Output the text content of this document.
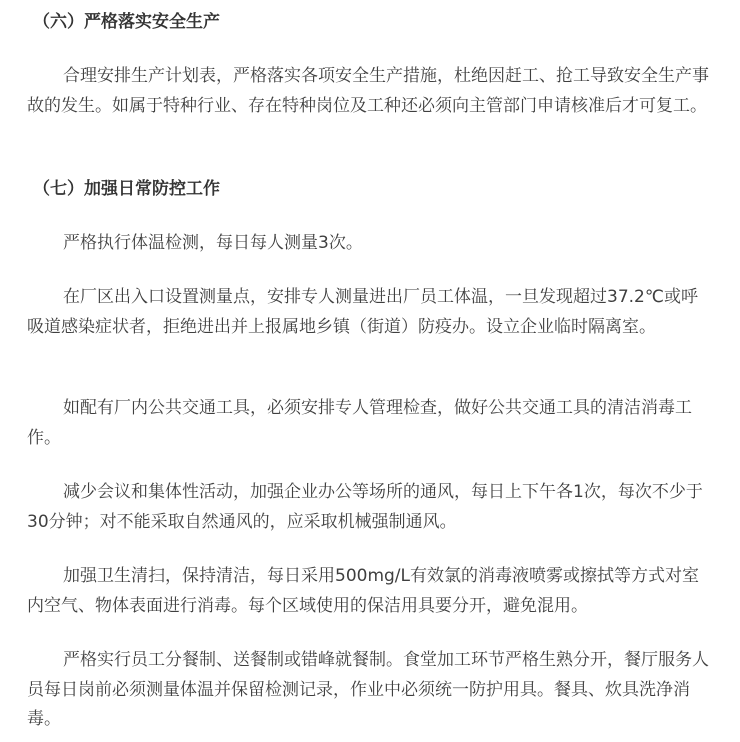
（六）严格落实安全生产

合理安排生产计划表，严格落实各项安全生产措施，杜绝因赶工、抢工导致安全生产事故的发生。如属于特种行业、存在特种岗位及工种还必须向主管部门申请核准后才可复工。

（七）加强日常防控工作

严格执行体温检测，每日每人测量3次。

在厂区出入口设置测量点，安排专人测量进出厂员工体温，一旦发现超过37.2℃或呼吸道感染症状者，拒绝进出并上报属地乡镇（街道）防疫办。设立企业临时隔离室。

如配有厂内公共交通工具，必须安排专人管理检查，做好公共交通工具的清洁消毒工作。

减少会议和集体性活动，加强企业办公等场所的通风，每日上下午各1次，每次不少于30分钟；对不能采取自然通风的，应采取机械强制通风。

加强卫生清扫，保持清洁，每日采用500mg/L有效氯的消毒液喷雾或擦拭等方式对室内空气、物体表面进行消毒。每个区域使用的保洁用具要分开，避免混用。

严格实行员工分餐制、送餐制或错峰就餐制。食堂加工环节严格生熟分开，餐厅服务人员每日岗前必须测量体温并保留检测记录，作业中必须统一防护用具。餐具、炊具洗净消毒。
